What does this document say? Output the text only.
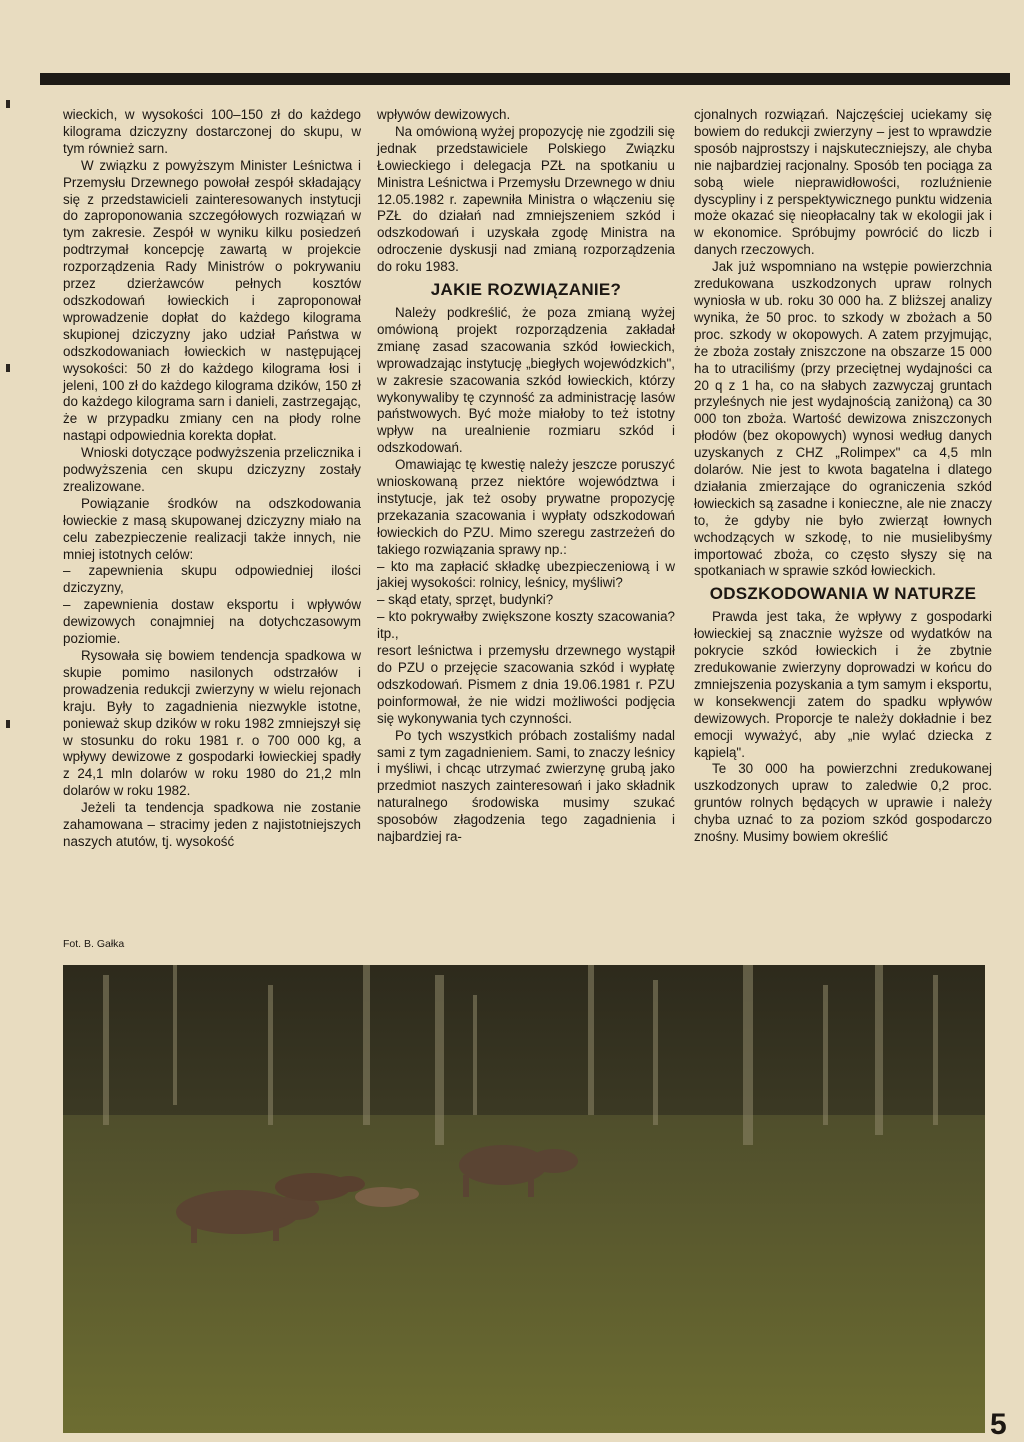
wieckich, w wysokości 100–150 zł do każdego kilograma dziczyzny dostarczonej do skupu, w tym również sarn.

W związku z powyższym Minister Leśnictwa i Przemysłu Drzewnego powołał zespół składający się z przedstawicieli zainteresowanych instytucji do zaproponowania szczegółowych rozwiązań w tym zakresie. Zespół w wyniku kilku posiedzeń podtrzymał koncepcję zawartą w projekcie rozporządzenia Rady Ministrów o pokrywaniu przez dzierżawców pełnych kosztów odszkodowań łowieckich i zaproponował wprowadzenie dopłat do każdego kilograma skupionej dziczyzny jako udział Państwa w odszkodowaniach łowieckich w następującej wysokości: 50 zł do każdego kilograma łosi i jeleni, 100 zł do każdego kilograma dzików, 150 zł do każdego kilograma sarn i danieli, zastrzegając, że w przypadku zmiany cen na płody rolne nastąpi odpowiednia korekta dopłat.

Wnioski dotyczące podwyższenia przelicznika i podwyższenia cen skupu dziczyzny zostały zrealizowane.

Powiązanie środków na odszkodowania łowieckie z masą skupowanej dziczyzny miało na celu zabezpieczenie realizacji także innych, nie mniej istotnych celów:

– zapewnienia skupu odpowiedniej ilości dziczyzny,

– zapewnienia dostaw eksportu i wpływów dewizowych conajmniej na dotychczasowym poziomie.

Rysowała się bowiem tendencja spadkowa w skupie pomimo nasilonych odstrzałów i prowadzenia redukcji zwierzyny w wielu rejonach kraju. Były to zagadnienia niezwykle istotne, ponieważ skup dzików w roku 1982 zmniejszył się w stosunku do roku 1981 r. o 700 000 kg, a wpływy dewizowe z gospodarki łowieckiej spadły z 24,1 mln dolarów w roku 1980 do 21,2 mln dolarów w roku 1982.

Jeżeli ta tendencja spadkowa nie zostanie zahamowana – stracimy jeden z najistotniejszych naszych atutów, tj. wysokość

wpływów dewizowych.

Na omówioną wyżej propozycję nie zgodzili się jednak przedstawiciele Polskiego Związku Łowieckiego i delegacja PZŁ na spotkaniu u Ministra Leśnictwa i Przemysłu Drzewnego w dniu 12.05.1982 r. zapewniła Ministra o włączeniu się PZŁ do działań nad zmniejszeniem szkód i odszkodowań i uzyskała zgodę Ministra na odroczenie dyskusji nad zmianą rozporządzenia do roku 1983.

JAKIE ROZWIĄZANIE?

Należy podkreślić, że poza zmianą wyżej omówioną projekt rozporządzenia zakładał zmianę zasad szacowania szkód łowieckich, wprowadzając instytucję „biegłych wojewódzkich", w zakresie szacowania szkód łowieckich, którzy wykonywaliby tę czynność za administrację lasów państwowych. Być może miałoby to też istotny wpływ na urealnienie rozmiaru szkód i odszkodowań.

Omawiając tę kwestię należy jeszcze poruszyć wnioskowaną przez niektóre województwa i instytucje, jak też osoby prywatne propozycję przekazania szacowania i wypłaty odszkodowań łowieckich do PZU. Mimo szeregu zastrzeżeń do takiego rozwiązania sprawy np.:

– kto ma zapłacić składkę ubezpieczeniową i w jakiej wysokości: rolnicy, leśnicy, myśliwi?

– skąd etaty, sprzęt, budynki?

– kto pokrywałby zwiększone koszty szacowania? itp.,

resort leśnictwa i przemysłu drzewnego wystąpił do PZU o przejęcie szacowania szkód i wypłatę odszkodowań. Pismem z dnia 19.06.1981 r. PZU poinformował, że nie widzi możliwości podjęcia się wykonywania tych czynności.

Po tych wszystkich próbach zostaliśmy nadal sami z tym zagadnieniem. Sami, to znaczy leśnicy i myśliwi, i chcąc utrzymać zwierzynę grubą jako przedmiot naszych zainteresowań i jako składnik naturalnego środowiska musimy szukać sposobów złagodzenia tego zagadnienia i najbardziej ra-

cjonalnych rozwiązań. Najczęściej uciekamy się bowiem do redukcji zwierzyny – jest to wprawdzie sposób najprostszy i najskuteczniejszy, ale chyba nie najbardziej racjonalny. Sposób ten pociąga za sobą wiele nieprawidłowości, rozluźnienie dyscypliny i z perspektywicznego punktu widzenia może okazać się nieopłacalny tak w ekologii jak i w ekonomice. Spróbujmy powrócić do liczb i danych rzeczowych.

Jak już wspomniano na wstępie powierzchnia zredukowana uszkodzonych upraw rolnych wyniosła w ub. roku 30 000 ha. Z bliższej analizy wynika, że 50 proc. to szkody w zbożach a 50 proc. szkody w okopowych. A zatem przyjmując, że zboża zostały zniszczone na obszarze 15 000 ha to utraciliśmy (przy przeciętnej wydajności ca 20 q z 1 ha, co na słabych zazwyczaj gruntach przyleśnych nie jest wydajnością zaniżoną) ca 30 000 ton zboża. Wartość dewizowa zniszczonych płodów (bez okopowych) wynosi według danych uzyskanych z CHZ „Rolimpex" ca 4,5 mln dolarów. Nie jest to kwota bagatelna i dlatego działania zmierzające do ograniczenia szkód łowieckich są zasadne i konieczne, ale nie znaczy to, że gdyby nie było zwierząt łownych wchodzących w szkodę, to nie musielibyśmy importować zboża, co często słyszy się na spotkaniach w sprawie szkód łowieckich.

ODSZKODOWANIA W NATURZE

Prawda jest taka, że wpływy z gospodarki łowieckiej są znacznie wyższe od wydatków na pokrycie szkód łowieckich i że zbytnie zredukowanie zwierzyny doprowadzi w końcu do zmniejszenia pozyskania a tym samym i eksportu, w konsekwencji zatem do spadku wpływów dewizowych. Proporcje te należy dokładnie i bez emocji wyważyć, aby „nie wylać dziecka z kąpielą".

Te 30 000 ha powierzchni zredukowanej uszkodzonych upraw to zaledwie 0,2 proc. gruntów rolnych będących w uprawie i należy chyba uznać to za poziom szkód gospodarczo znośny. Musimy bowiem określić

Fot. B. Gałka
5
